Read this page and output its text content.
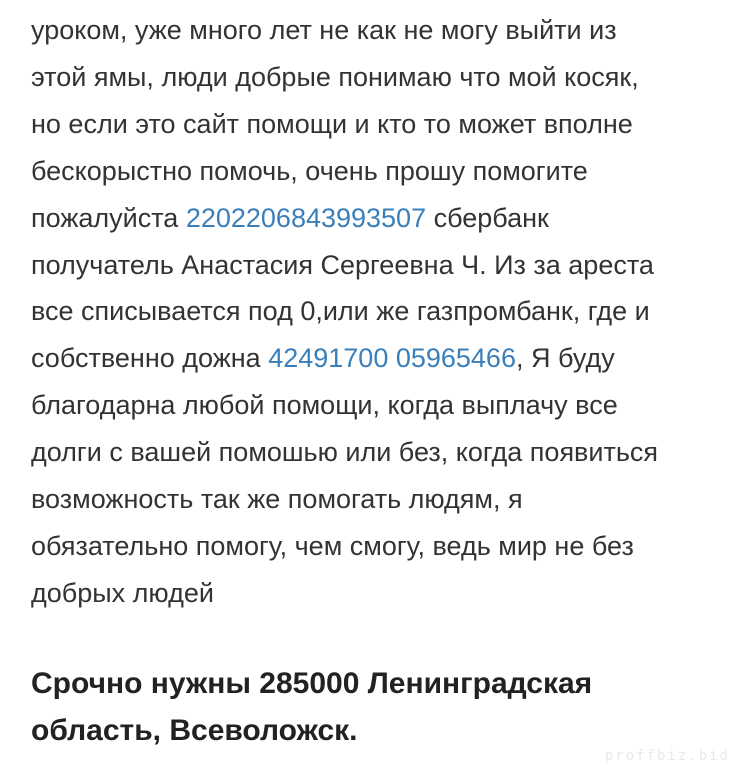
уроком, уже много лет не как не могу выйти из
этой ямы, люди добрые понимаю что мой косяк,
но если это сайт помощи и кто то может вполне
бескорыстно помочь, очень прошу помогите
пожалуйста 2202206843993507 сбербанк
получатель Анастасия Сергеевна Ч. Из за ареста
все списывается под 0,или же газпромбанк, где и
собственно дожна 42491700 05965466, Я буду
благодарна любой помощи, когда выплачу все
долги с вашей помошью или без, когда появиться
возможность так же помогать людям, я
обязательно помогу, чем смогу, ведь мир не без
добрых людей
Срочно нужны 285000 Ленинградская
область, Всеволожск.
proffbiz.bid
